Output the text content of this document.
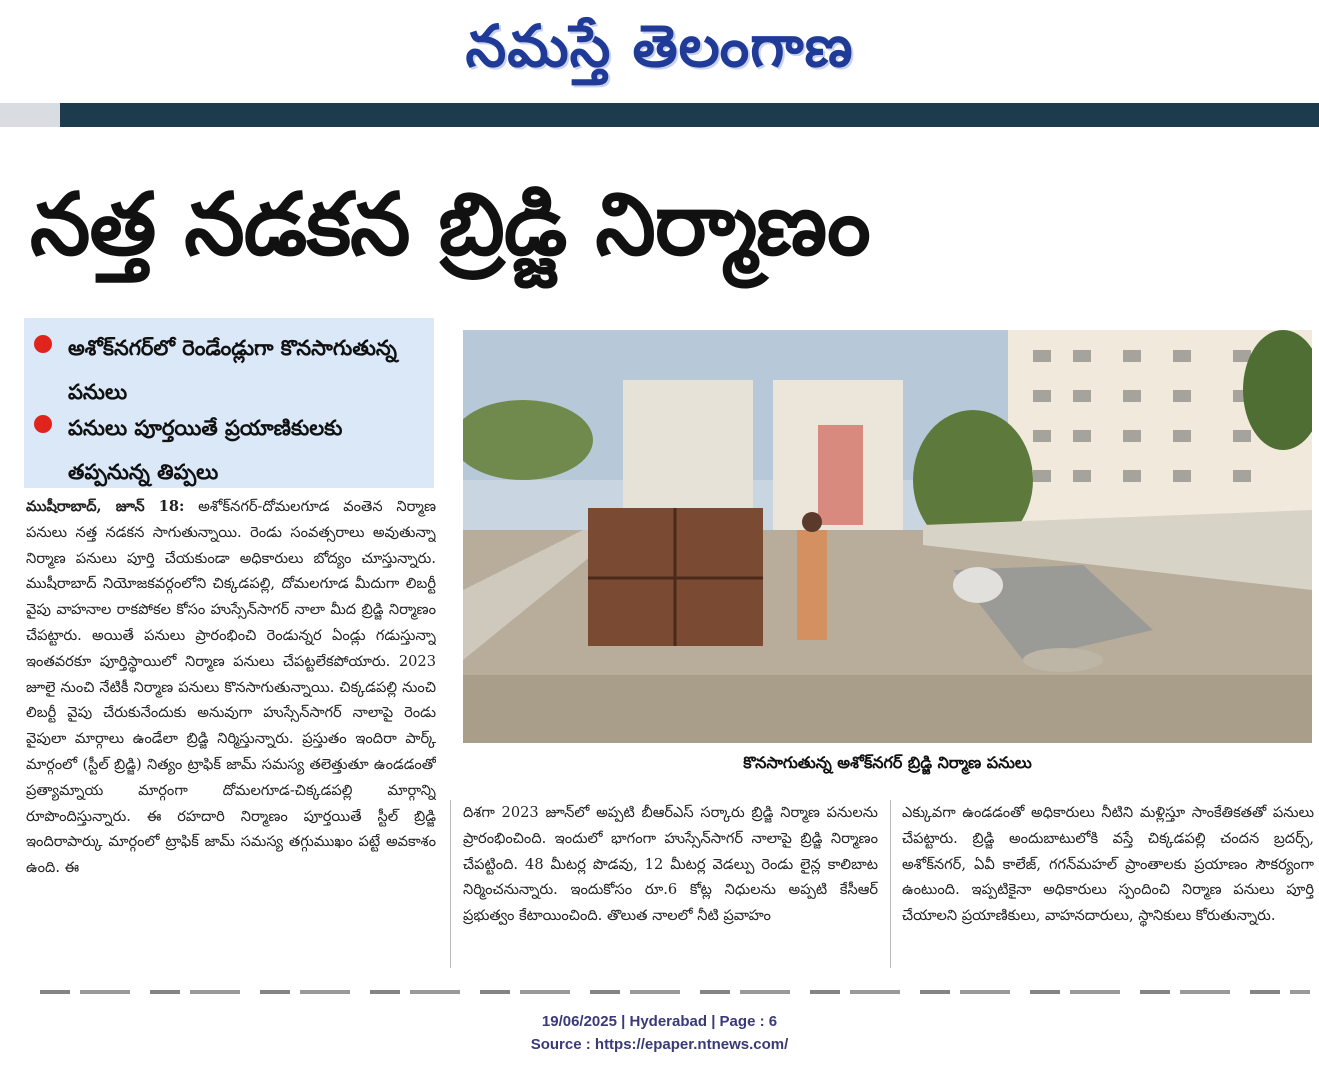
నమస్తే తెలంగాణ
నత్త నడకన బ్రిడ్జి నిర్మాణం
అశోక్‌నగర్‌లో రెండేండ్లుగా కొనసాగుతున్న పనులు
పనులు పూర్తయితే ప్రయాణికులకు తప్పనున్న తిప్పలు
కొనసాగుతున్న అశోక్‌నగర్ బ్రిడ్జి నిర్మాణ పనులు
ముషీరాబాద్, జూన్ 18: అశోక్‌నగర్-దోమలగూడ వంతెన నిర్మాణ పనులు నత్త నడకన సాగుతున్నాయి. రెండు సంవత్సరాలు అవుతున్నా నిర్మాణ పనులు పూర్తి చేయకుండా అధికారులు బోద్యం చూస్తున్నారు. ముషీరాబాద్ నియోజకవర్గంలోని చిక్కడపల్లి, దోమలగూడ మీదుగా లిబర్టీ వైపు వాహనాల రాకపోకల కోసం హుస్సేన్‌సాగర్ నాలా మీద బ్రిడ్జి నిర్మాణం చేపట్టారు. అయితే పనులు ప్రారంభించి రెండున్నర ఏండ్లు గడుస్తున్నా ఇంతవరకూ పూర్తిస్థాయిలో నిర్మాణ పనులు చేపట్టలేకపోయారు. 2023 జూలై నుంచి నేటికీ నిర్మాణ పనులు కొనసాగుతున్నాయి. చిక్కడపల్లి నుంచి లిబర్టీ వైపు చేరుకునేందుకు అనువుగా హుస్సేన్‌సాగర్ నాలాపై రెండు వైపులా మార్గాలు ఉండేలా బ్రిడ్జి నిర్మిస్తున్నారు. ప్రస్తుతం ఇందిరా పార్క్ మార్గంలో (స్టీల్ బ్రిడ్జి) నిత్యం ట్రాఫిక్ జామ్ సమస్య తలెత్తుతూ ఉండడంతో ప్రత్యామ్నాయ మార్గంగా దోమలగూడ-చిక్కడపల్లి మార్గాన్ని రూపొందిస్తున్నారు. ఈ రహదారి నిర్మాణం పూర్తయితే స్టీల్ బ్రిడ్జి ఇందిరాపార్కు మార్గంలో ట్రాఫిక్ జామ్ సమస్య తగ్గుముఖం పట్టే అవకాశం ఉంది. ఈ
దిశగా 2023 జూన్‌లో అప్పటి బీఆర్‌ఎస్ సర్కారు బ్రిడ్జి నిర్మాణ పనులను ప్రారంభించింది. ఇందులో భాగంగా హుస్సేన్‌సాగర్ నాలాపై బ్రిడ్జి నిర్మాణం చేపట్టింది. 48 మీటర్ల పొడవు, 12 మీటర్ల వెడల్పు రెండు లైన్ల కాలిబాట నిర్మించనున్నారు. ఇందుకోసం రూ.6 కోట్ల నిధులను అప్పటి కేసీఆర్ ప్రభుత్వం కేటాయించింది. తొలుత నాలలో నీటి ప్రవాహం
ఎక్కువగా ఉండడంతో అధికారులు నీటిని మళ్లిస్తూ సాంకేతికతతో పనులు చేపట్టారు. బ్రిడ్జి అందుబాటులోకి వస్తే చిక్కడపల్లి చందన బ్రదర్స్, అశోక్‌నగర్, ఏవీ కాలేజ్, గగన్‌మహల్ ప్రాంతాలకు ప్రయాణం సౌకర్యంగా ఉంటుంది. ఇప్పటికైనా అధికారులు స్పందించి నిర్మాణ పనులు పూర్తి చేయాలని ప్రయాణికులు, వాహనదారులు, స్థానికులు కోరుతున్నారు.
19/06/2025 | Hyderabad | Page : 6
Source : https://epaper.ntnews.com/
